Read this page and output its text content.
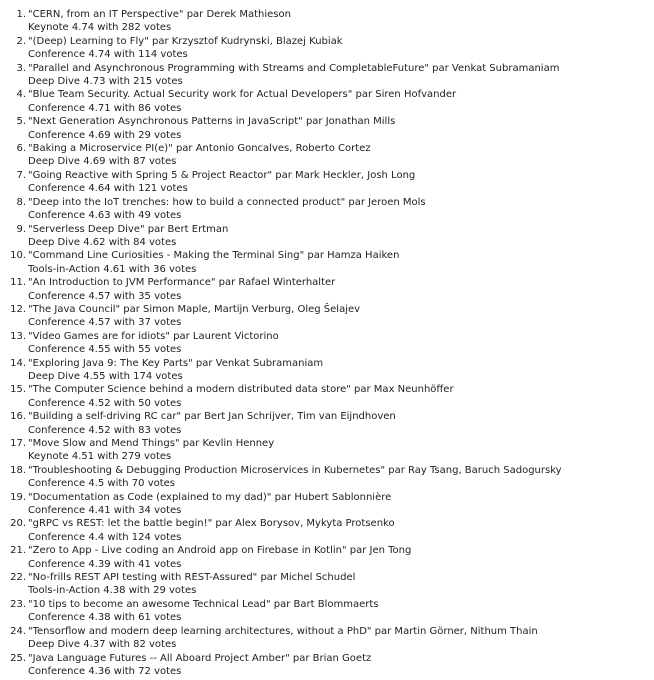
1. "CERN, from an IT Perspective" par Derek Mathieson
Keynote 4.74 with 282 votes
2. "(Deep) Learning to Fly" par Krzysztof Kudrynski, Blazej Kubiak
Conference 4.74 with 114 votes
3. "Parallel and Asynchronous Programming with Streams and CompletableFuture" par Venkat Subramaniam
Deep Dive 4.73 with 215 votes
4. "Blue Team Security. Actual Security work for Actual Developers" par Siren Hofvander
Conference 4.71 with 86 votes
5. "Next Generation Asynchronous Patterns in JavaScript" par Jonathan Mills
Conference 4.69 with 29 votes
6. "Baking a Microservice PI(e)" par Antonio Goncalves, Roberto Cortez
Deep Dive 4.69 with 87 votes
7. "Going Reactive with Spring 5 & Project Reactor" par Mark Heckler, Josh Long
Conference 4.64 with 121 votes
8. "Deep into the IoT trenches: how to build a connected product" par Jeroen Mols
Conference 4.63 with 49 votes
9. "Serverless Deep Dive" par Bert Ertman
Deep Dive 4.62 with 84 votes
10. "Command Line Curiosities - Making the Terminal Sing" par Hamza Haiken
Tools-in-Action 4.61 with 36 votes
11. "An Introduction to JVM Performance" par Rafael Winterhalter
Conference 4.57 with 35 votes
12. "The Java Council" par Simon Maple, Martijn Verburg, Oleg Šelajev
Conference 4.57 with 37 votes
13. "Video Games are for idiots" par Laurent Victorino
Conference 4.55 with 55 votes
14. "Exploring Java 9: The Key Parts" par Venkat Subramaniam
Deep Dive 4.55 with 174 votes
15. "The Computer Science behind a modern distributed data store" par Max Neunhöffer
Conference 4.52 with 50 votes
16. "Building a self-driving RC car" par Bert Jan Schrijver, Tim van Eijndhoven
Conference 4.52 with 83 votes
17. "Move Slow and Mend Things" par Kevlin Henney
Keynote 4.51 with 279 votes
18. "Troubleshooting & Debugging Production Microservices in Kubernetes" par Ray Tsang, Baruch Sadogursky
Conference 4.5 with 70 votes
19. "Documentation as Code (explained to my dad)" par Hubert Sablonnière
Conference 4.41 with 34 votes
20. "gRPC vs REST: let the battle begin!" par Alex Borysov, Mykyta Protsenko
Conference 4.4 with 124 votes
21. "Zero to App - Live coding an Android app on Firebase in Kotlin" par Jen Tong
Conference 4.39 with 41 votes
22. "No-frills REST API testing with REST-Assured" par Michel Schudel
Tools-in-Action 4.38 with 29 votes
23. "10 tips to become an awesome Technical Lead" par Bart Blommaerts
Conference 4.38 with 61 votes
24. "Tensorflow and modern deep learning architectures, without a PhD" par Martin Görner, Nithum Thain
Deep Dive 4.37 with 82 votes
25. "Java Language Futures -- All Aboard Project Amber" par Brian Goetz
Conference 4.36 with 72 votes
